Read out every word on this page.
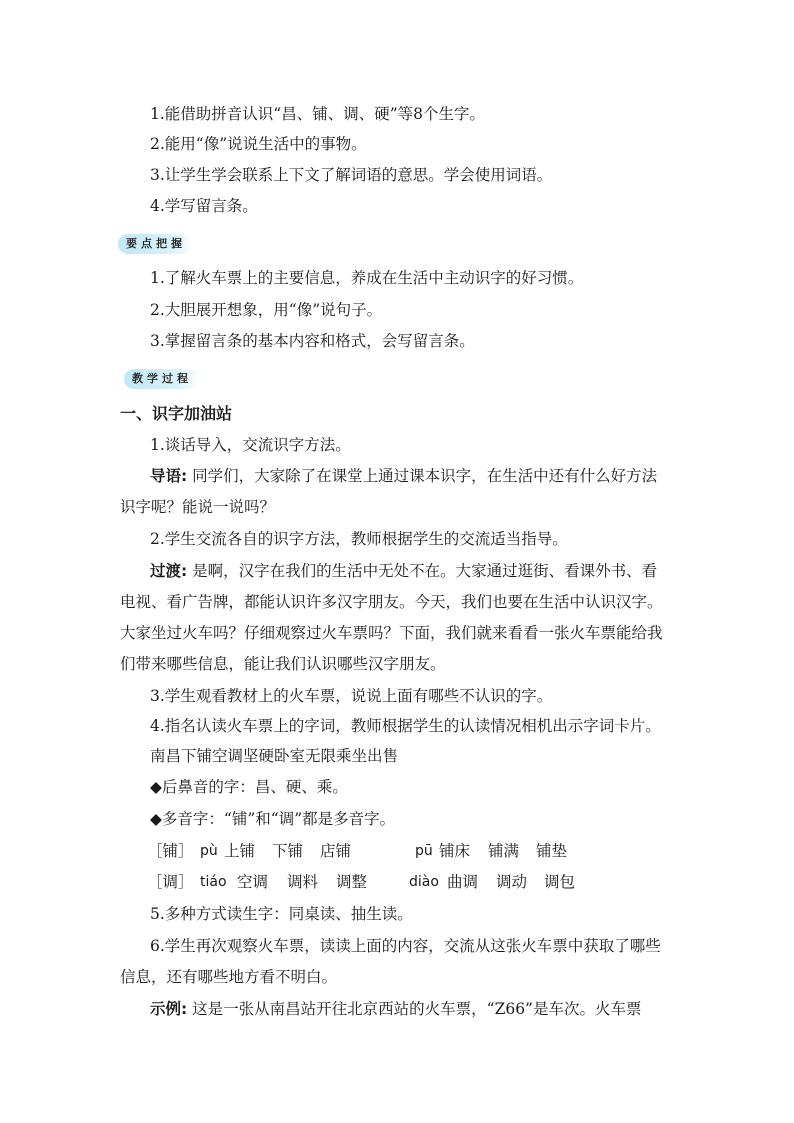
1.能借助拼音认识“昌、铺、调、硬”等8个生字。
2.能用“像”说说生活中的事物。
3.让学生学会联系上下文了解词语的意思。学会使用词语。
4.学写留言条。
要点把握
1.了解火车票上的主要信息，养成在生活中主动识字的好习惯。
2.大胆展开想象，用“像”说句子。
3.掌握留言条的基本内容和格式，会写留言条。
教学过程
一、识字加油站
1.谈话导入，交流识字方法。
导语: 同学们，大家除了在课堂上通过课本识字，在生活中还有什么好方法
识字呢？能说一说吗？
2.学生交流各自的识字方法，教师根据学生的交流适当指导。
过渡: 是啊，汉字在我们的生活中无处不在。大家通过逛街、看课外书、看
电视、看广告牌，都能认识许多汉字朋友。今天，我们也要在生活中认识汉字。
大家坐过火车吗？仔细观察过火车票吗？下面，我们就来看看一张火车票能给我
们带来哪些信息，能让我们认识哪些汉字朋友。
3.学生观看教材上的火车票，说说上面有哪些不认识的字。
4.指名认读火车票上的字词，教师根据学生的认读情况相机出示字词卡片。
南昌下铺空调坚硬卧室无限乘坐出售
◆后鼻音的字：昌、硬、乘。
◆多音字：“铺”和“调”都是多音字。
［铺］ pù 上铺 下铺 店铺	pū 铺床 铺满 铺垫
［调］ tiáo 空调 调料 调整	diào 曲调 调动 调包
5.多种方式读生字：同桌读、抽生读。
6.学生再次观察火车票，读读上面的内容，交流从这张火车票中获取了哪些
信息，还有哪些地方看不明白。
示例: 这是一张从南昌站开往北京西站的火车票，“Z66”是车次。火车票
